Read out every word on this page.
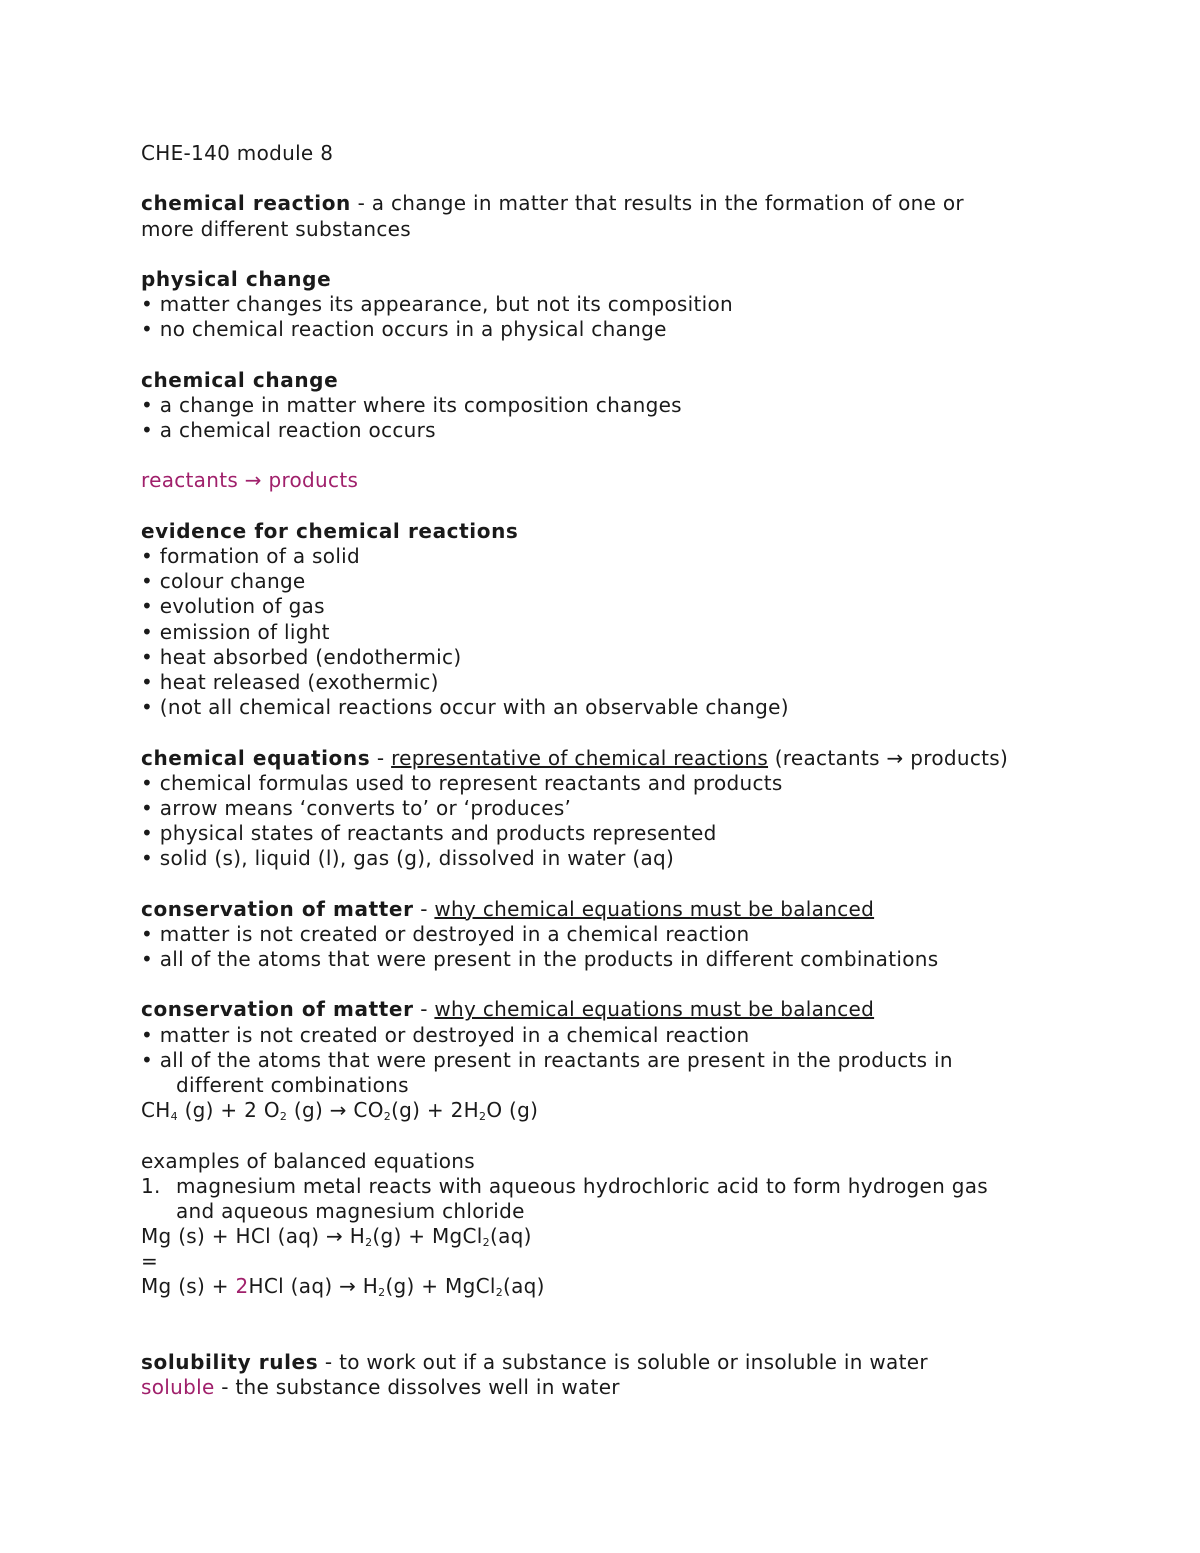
CHE-140 module 8
chemical reaction - a change in matter that results in the formation of one or
more different substances
physical change
• matter changes its appearance, but not its composition
• no chemical reaction occurs in a physical change
chemical change
• a change in matter where its composition changes
• a chemical reaction occurs
reactants → products
evidence for chemical reactions
• formation of a solid
• colour change
• evolution of gas
• emission of light
• heat absorbed (endothermic)
• heat released (exothermic)
• (not all chemical reactions occur with an observable change)
chemical equations - representative of chemical reactions (reactants → products)
• chemical formulas used to represent reactants and products
• arrow means ‘converts to’ or ‘produces’
• physical states of reactants and products represented
• solid (s), liquid (l), gas (g), dissolved in water (aq)
conservation of matter - why chemical equations must be balanced
• matter is not created or destroyed in a chemical reaction
• all of the atoms that were present in the products in different combinations
conservation of matter - why chemical equations must be balanced
• matter is not created or destroyed in a chemical reaction
• all of the atoms that were present in reactants are present in the products in
different combinations
$CH_4$ (g) + 2 $O_2$ $(g) \to CO_2(g) + 2H_2O$ (g)
examples of balanced equations
1. magnesium metal reacts with aqueous hydrochloric acid to form hydrogen gas
and aqueous magnesium chloride
Mg (s) + HCl $(aq) \to H_2(g)$ + MgCl$_2$(aq)
=
Mg (s) + 2HCl $(aq) \to H_2(g)$ + MgCl$_2$(aq)
solubility rules - to work out if a substance is soluble or insoluble in water
soluble - the substance dissolves well in water
